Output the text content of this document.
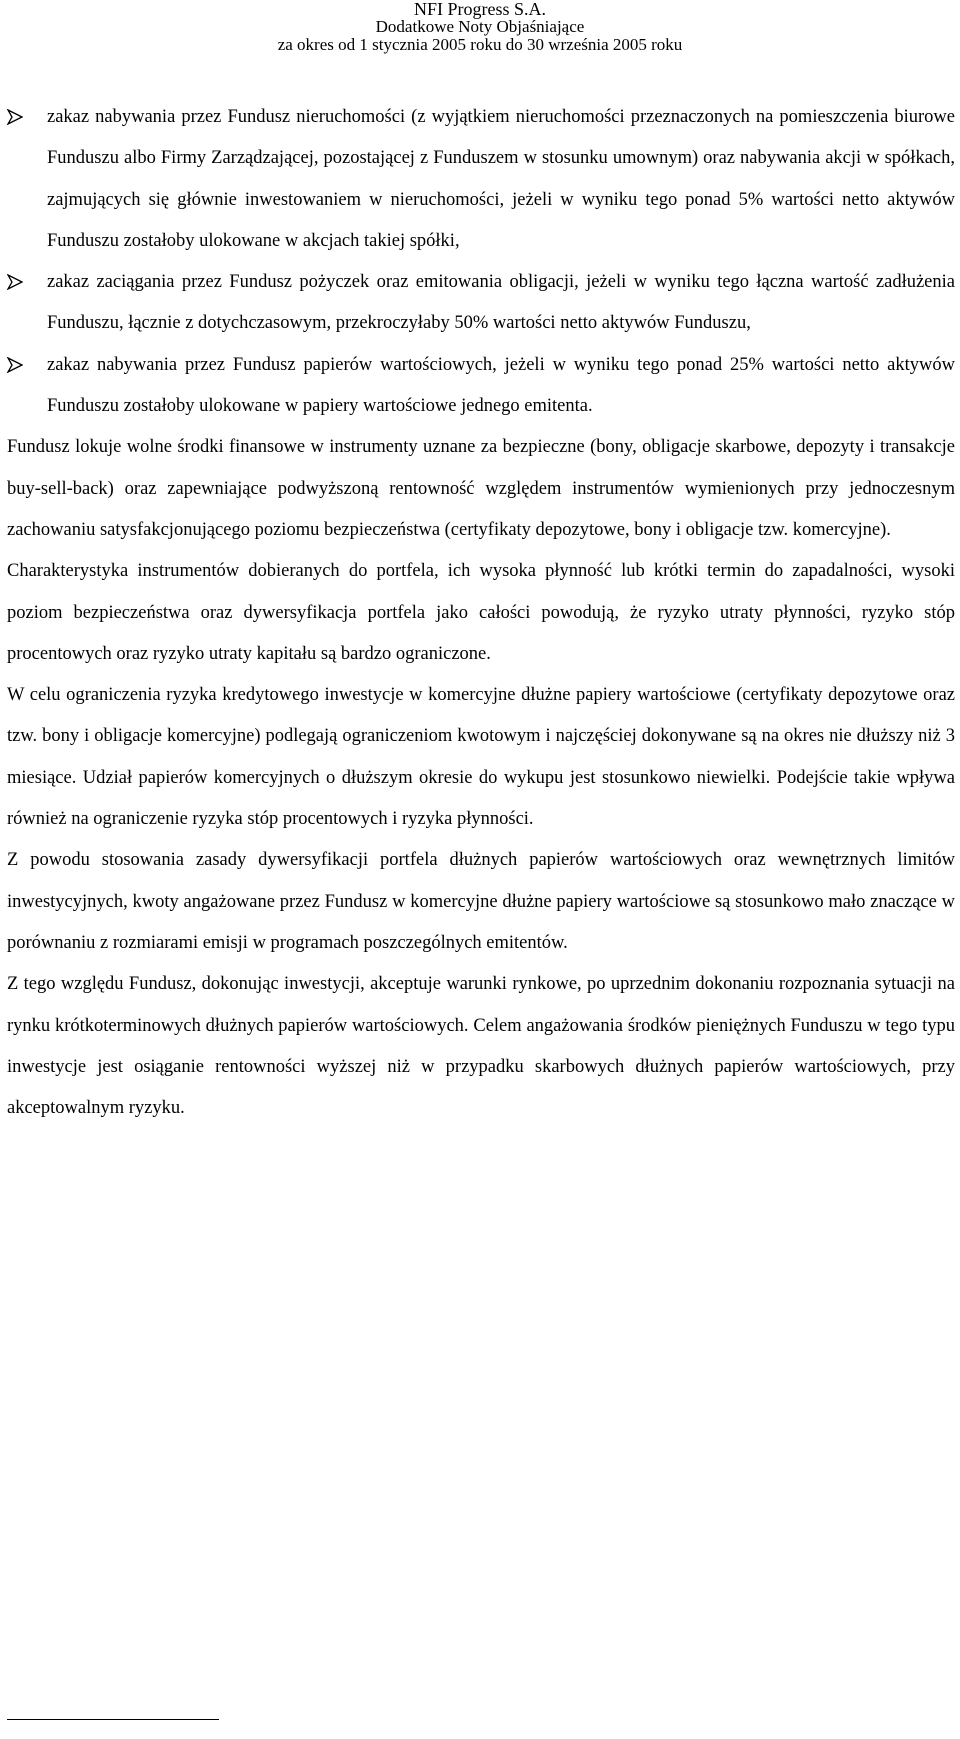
NFI Progress S.A.
Dodatkowe Noty Objaśniające
za okres od 1 stycznia 2005 roku do 30 września 2005 roku
zakaz nabywania przez Fundusz nieruchomości (z wyjątkiem nieruchomości przeznaczonych na pomieszczenia biurowe Funduszu albo Firmy Zarządzającej, pozostającej z Funduszem w stosunku umownym) oraz nabywania akcji w spółkach, zajmujących się głównie inwestowaniem w nieruchomości, jeżeli w wyniku tego ponad 5% wartości netto aktywów Funduszu zostałoby ulokowane w akcjach takiej spółki,
zakaz zaciągania przez Fundusz pożyczek oraz emitowania obligacji, jeżeli w wyniku tego łączna wartość zadłużenia Funduszu, łącznie z dotychczasowym, przekroczyłaby 50% wartości netto aktywów Funduszu,
zakaz nabywania przez Fundusz papierów wartościowych, jeżeli w wyniku tego ponad 25% wartości netto aktywów Funduszu zostałoby ulokowane w papiery wartościowe jednego emitenta.

Fundusz lokuje wolne środki finansowe w instrumenty uznane za bezpieczne (bony, obligacje skarbowe, depozyty i transakcje buy-sell-back) oraz zapewniające podwyższoną rentowność względem instrumentów wymienionych przy jednoczesnym zachowaniu satysfakcjonującego poziomu bezpieczeństwa (certyfikaty depozytowe, bony i obligacje tzw. komercyjne).

Charakterystyka instrumentów dobieranych do portfela, ich wysoka płynność lub krótki termin do zapadalności, wysoki poziom bezpieczeństwa oraz dywersyfikacja portfela jako całości powodują, że ryzyko utraty płynności, ryzyko stóp procentowych oraz ryzyko utraty kapitału są bardzo ograniczone.

W celu ograniczenia ryzyka kredytowego inwestycje w komercyjne dłużne papiery wartościowe (certyfikaty depozytowe oraz tzw. bony i obligacje komercyjne) podlegają ograniczeniom kwotowym i najczęściej dokonywane są na okres nie dłuższy niż 3 miesiące. Udział papierów komercyjnych o dłuższym okresie do wykupu jest stosunkowo niewielki. Podejście takie wpływa również na ograniczenie ryzyka stóp procentowych i ryzyka płynności.

Z powodu stosowania zasady dywersyfikacji portfela dłużnych papierów wartościowych oraz wewnętrznych limitów inwestycyjnych, kwoty angażowane przez Fundusz w komercyjne dłużne papiery wartościowe są stosunkowo mało znaczące w porównaniu z rozmiarami emisji w programach poszczególnych emitentów.

Z tego względu Fundusz, dokonując inwestycji, akceptuje warunki rynkowe, po uprzednim dokonaniu rozpoznania sytuacji na rynku krótkoterminowych dłużnych papierów wartościowych. Celem angażowania środków pieniężnych Funduszu w tego typu inwestycje jest osiąganie rentowności wyższej niż w przypadku skarbowych dłużnych papierów wartościowych, przy akceptowalnym ryzyku.
